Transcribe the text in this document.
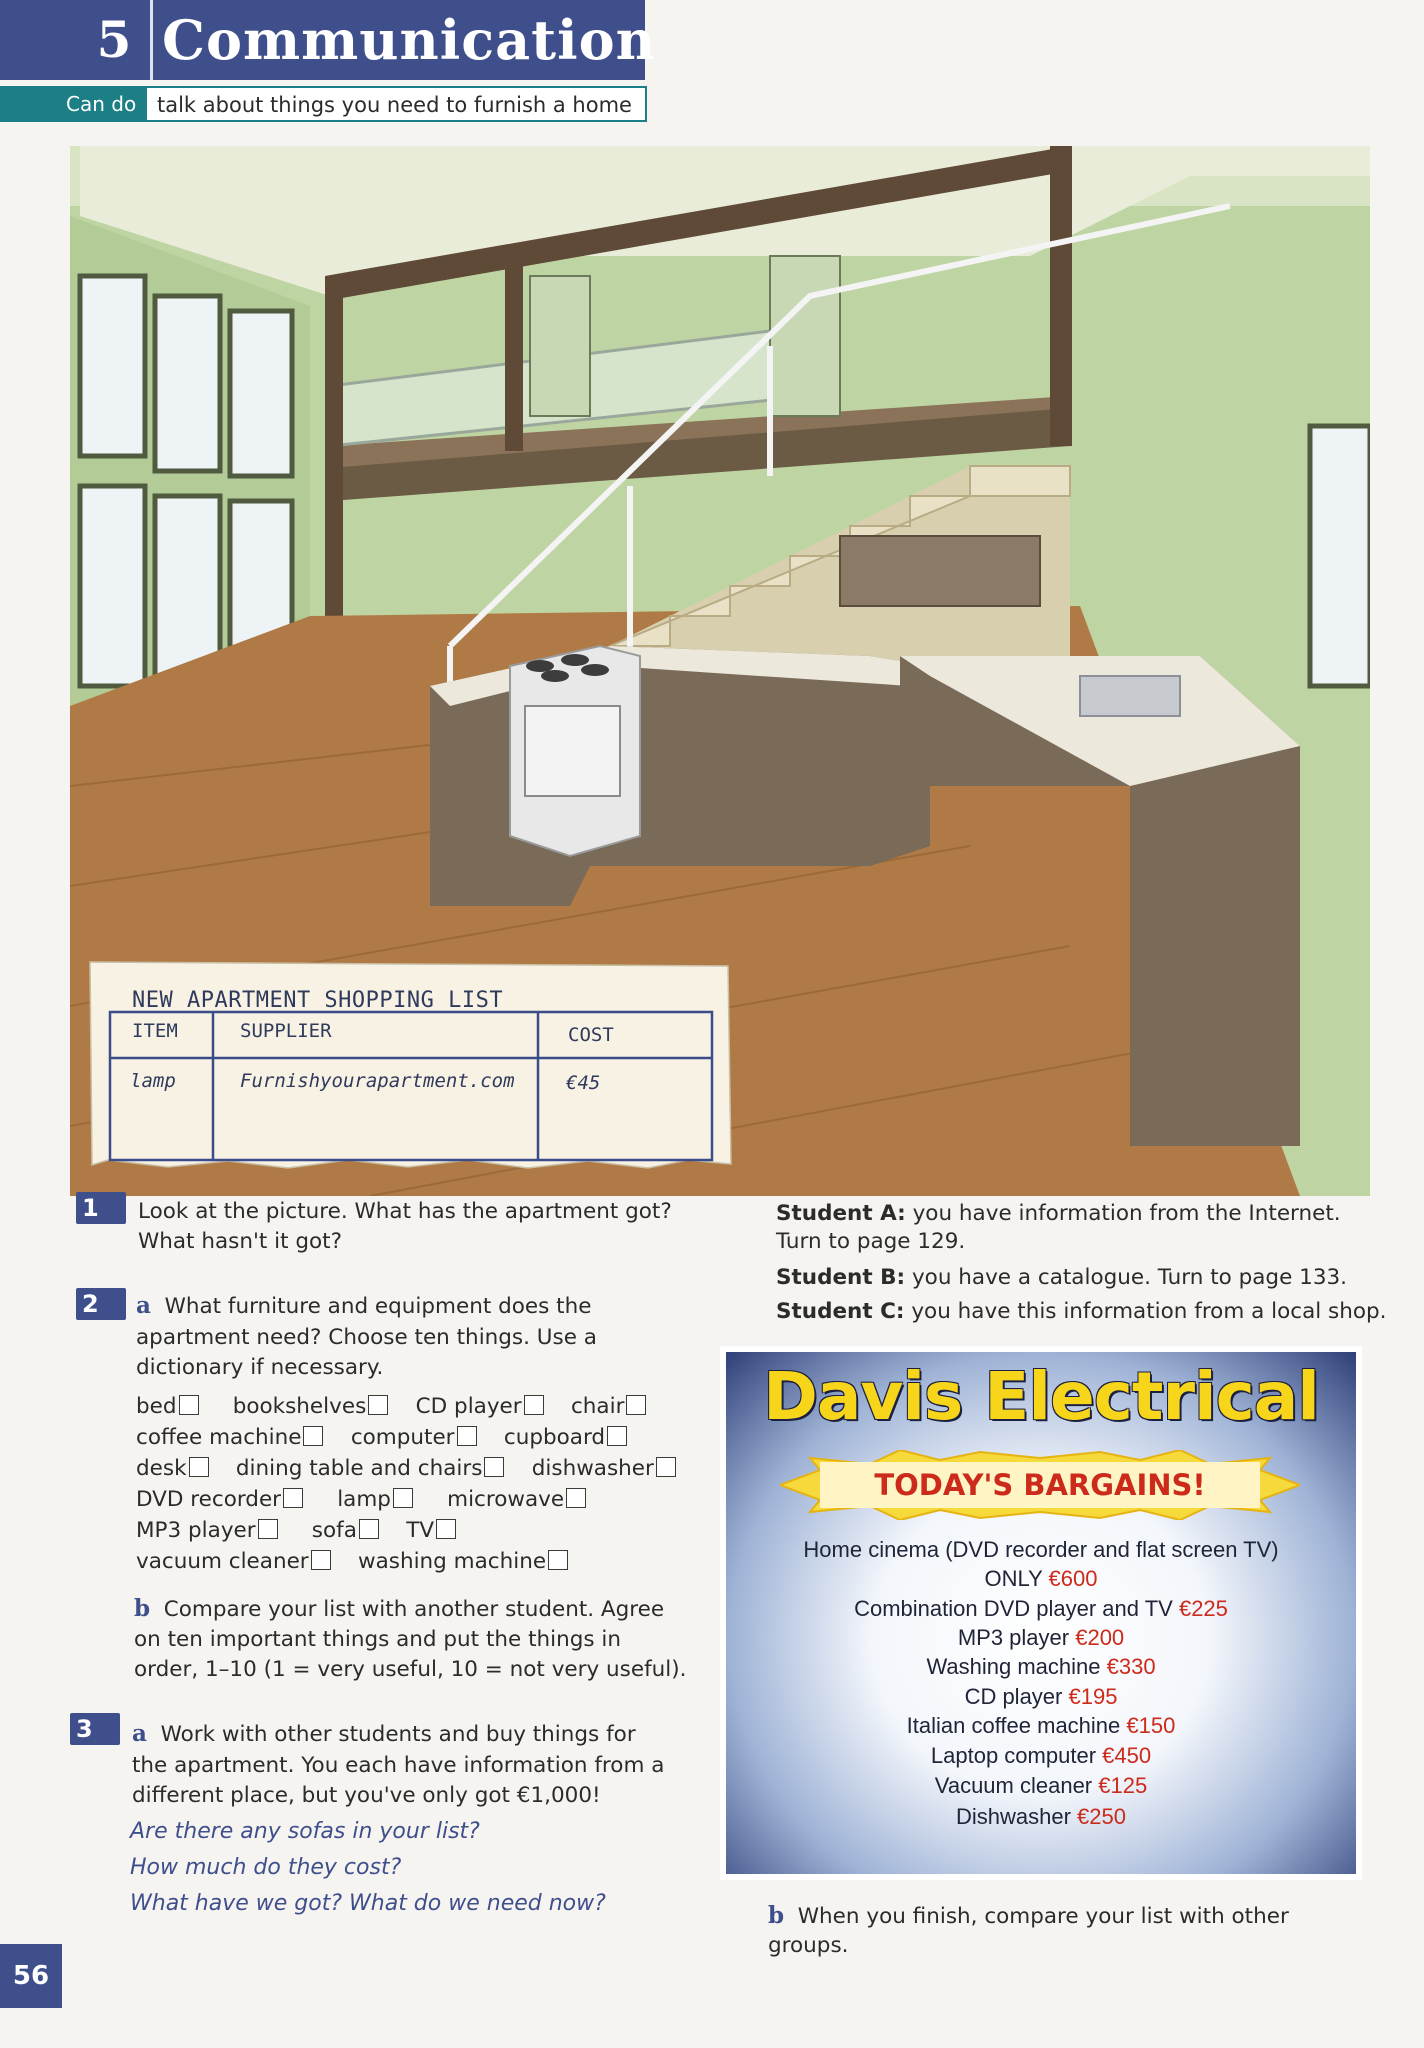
5 Communication
Can do talk about things you need to furnish a home
NEW APARTMENT SHOPPING LIST
ITEM	SUPPLIER	COST
lamp	Furnishyourapartment.com	€45
1	Look at the picture. What has the apartment got?
What hasn't it got?
2	a What furniture and equipment does the
apartment need? Choose ten things. Use a
dictionary if necessary.
bed	bookshelves CD player chair
coffee machine computer cupboard
desk dining table and chairs dishwasher
DVD recorder	lamp	microwave
MP3 player	sofa TV
vacuum cleaner washing machine
b Compare your list with another student. Agree
on ten important things and put the things in
order, 1–10 (1 = very useful, 10 = not very useful).
3	a Work with other students and buy things for
the apartment. You each have information from a
different place, but you've only got €1,000!
Are there any sofas in your list?
How much do they cost?
What have we got? What do we need now?
Student A: you have information from the Internet.
Turn to page 129.
Student B: you have a catalogue. Turn to page 133.
Student C: you have this information from a local shop.
Davis Electrical
TODAY'S BARGAINS!
Home cinema (DVD recorder and flat screen TV)
ONLY €600
Combination DVD player and TV €225
MP3 player €200
Washing machine €330
CD player €195
Italian coffee machine €150
Laptop computer €450
Vacuum cleaner €125
Dishwasher €250
b When you finish, compare your list with other
groups.
56
